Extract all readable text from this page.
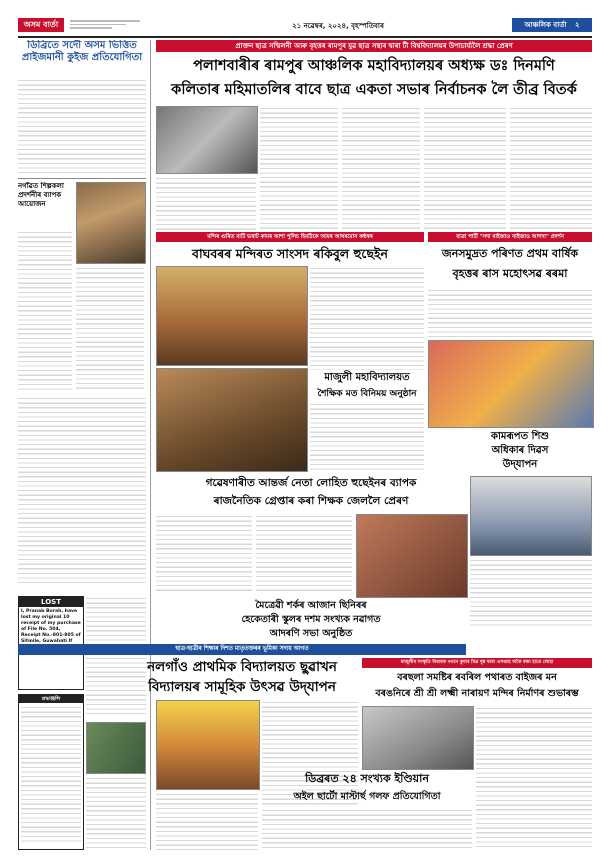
অসম বার্তা	২১ নৱেম্বৰ, ২০২৪, বৃহস্পতিবাৰ	আঞ্চলিক বাৰ্তা ২
ডিব্ৰিতে সদৌ অসম ভিত্তিত প্ৰাইজমানী কুইজ প্ৰতিযোগিতা
নগাঁৱত শিল্পকলা প্ৰদৰ্শনীৰ ব্যাপক আয়োজন
LOST
I, Pranab Borah, have lost my original 10 receipt of my purchase of File No. 504, Receipt No.-801-805 of Sitmile, Guwahati If
শ্ৰদ্ধাঞ্জলি
প্ৰাক্তন ছাত্ৰ সন্মিলনী আৰু বৃহত্তৰ ৰামপুৰ যুৱ ছাত্ৰ সন্থাৰ দ্বাৰা টী বিশ্ববিদ্যালয়ৰ উপাচাৰ্য্যলৈ শ্ৰদ্ধা প্ৰেৰণ
পলাশবাৰীৰ ৰামপুৰ আঞ্চলিক মহাবিদ্যালয়ৰ অধ্যক্ষ ডঃ দিনমণি
কলিতাৰ মহিমাতলিৰ বাবে ছাত্ৰ একতা সভাৰ নিৰ্বাচনক লৈ তীব্ৰ বিতৰ্ক
মন্দিৰ গুৰিত মাটি ভৰাট কামৰ আশা পুলিচ হিমঠিকে আমৰ আথৰমোন কন্ঠস্বৰ	যাত্ৰা পাৰ্টি "সদা মাইজাও নাইজাও আগদা" প্ৰদৰ্শন
বাঘবৰৰ মন্দিৰত সাংসদ ৰকিবুল হুছেইন	জনসমুদ্ৰত পৰিণত প্ৰথম বাৰ্ষিক
বৃহত্তৰ ৰাস মহোৎসৱ ৰৰমা
মাজুলী মহাবিদ্যালয়ত
শৈক্ষিক মত বিনিময় অনুষ্ঠান
কামৰূপত শিশু
অধিকাৰ দিৱস
উদ্‌যাপন
গৱেষণাৰীত আন্তৰ্জ নেতা লোহিত হুছেইনৰ ব্যাপক
ৰাজনৈতিক গ্ৰেপ্তাৰ কৰা শিক্ষক জেললৈ প্ৰেৰণ
মৈত্ৰেৱী শৰ্কৰ আজান ছিনিৰৰ
হেকেতাৰী স্কুলৰ দশম সংখ্যক নৱাগত
আদৰণি সভা অনুষ্ঠিত
ছাত্ৰ-ছাত্ৰীৰ শিক্ষাৰ দিশত মাতৃতক্তৰৰ ভূমিকা সদায় আগত
নলগাঁও প্ৰাথমিক বিদ্যালয়ত ছুৱাখন
বিদ্যালয়ৰ সামূহিক উৎসৱ উদ্‌যাপন
মাজুলীৰ সংস্কৃতি বিধায়ক গগনে কুমাৰ মিত্ৰ দুষ্ক দ্বাৰা এসপ্তাহ যাকৈ ৰক্ষা হাতে লোহা
বৰছলা সমষ্টিৰ ৰবৰিল পথাৰত বাইজৰ মন
বৰঙনিৰে শ্ৰী শ্ৰী লক্ষ্মী নাৰায়ণ মন্দিৰ নিৰ্মাণৰ শুভাৰম্ভ
ডিব্ৰৰত ২৪ সংখ্যক ইণ্ডিয়ান
অইল ছাৰ্টো মাস্টাৰ্ছ গলফ প্ৰতিযোগিতা
